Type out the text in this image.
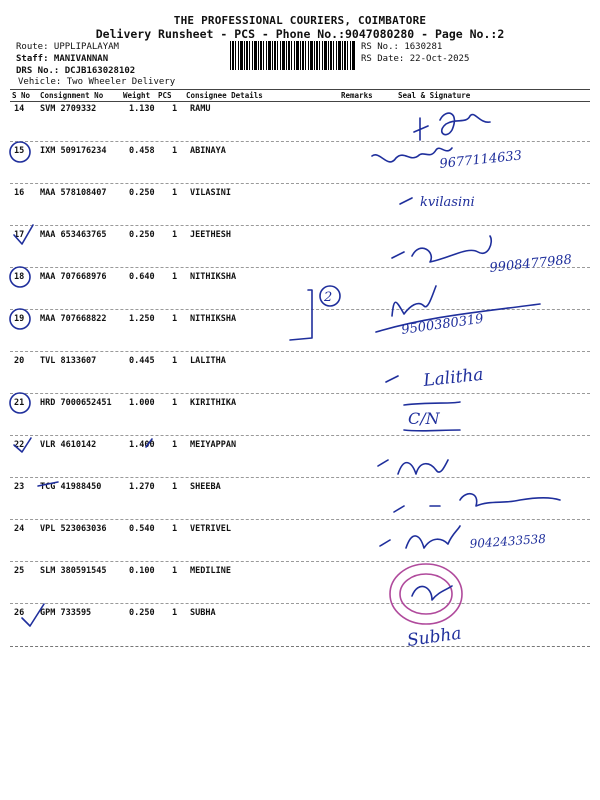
THE PROFESSIONAL COURIERS, COIMBATORE
Delivery Runsheet - PCS - Phone No.:9047080280 - Page No.:2
Route: UPPLIPALAYAM
Staff: MANIVANNAN
DRS No.: DCJB163028102
Vehicle: Two Wheeler Delivery
RS No.: 1630281
RS Date: 22-Oct-2025
S No Consignment No	Weight PCS Consignee Details	Remarks	Seal & Signature
14 SVM 2709332	1.130 1 RAMU
15 IXM 509176234	0.458 1 ABINAYA
16 MAA 578108407	0.250 1 VILASINI
17 MAA 653463765	0.250 1 JEETHESH
18 MAA 707668976	0.640 1 NITHIKSHA
19 MAA 707668822	1.250 1 NITHIKSHA
20 TVL 8133607	0.445 1 LALITHA
21 HRD 7000652451 1.000 1 KIRITHIKA
22 VLR 4610142	1.400 1 MEIYAPPAN
23 TCG 41988450	1.270 1 SHEEBA
24 VPL 523063036	0.540 1 VETRIVEL
25 SLM 380591545	0.100 1 MEDILINE
26 GPM 733595	0.250 1 SUBHA
2
9677114633
kvilasini
9908477988
9500380319
Lalitha
C/N
9042433538
Subha
